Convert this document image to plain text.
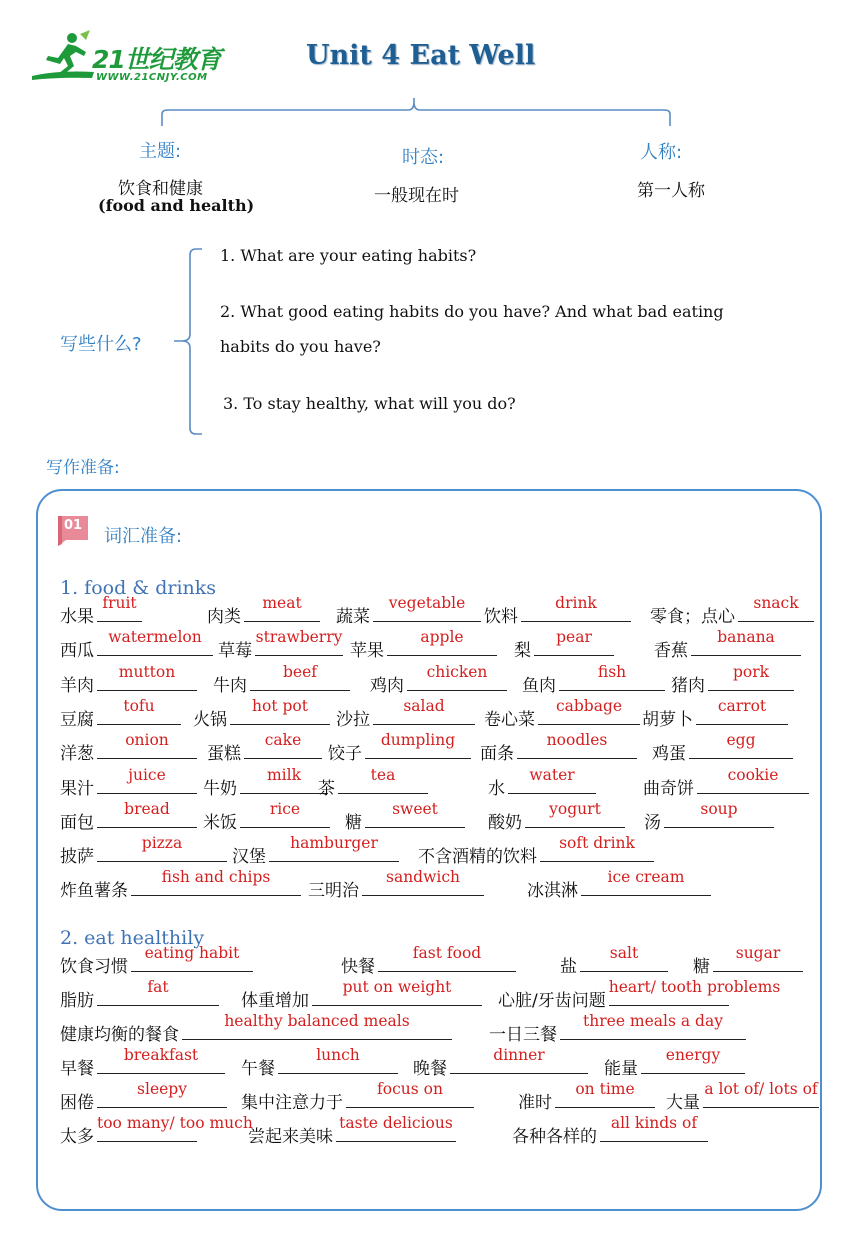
21世纪教育
WWW.21CNJY.COM
Unit 4 Eat Well
主题:
饮食和健康
(food and health)
时态:
一般现在时
人称:
第一人称
写些什么?
1. What are your eating habits?
2. What good eating habits do you have? And what bad eating
habits do you have?
3. To stay healthy, what will you do?
写作准备:
01
词汇准备:
1. food & drinks
2. eat healthily
水果
fruit
肉类
meat
蔬菜
vegetable
饮料
drink
零食；点心
snack
西瓜
watermelon
草莓
strawberry
苹果
apple
梨
pear
香蕉
banana
羊肉
mutton
牛肉
beef
鸡肉
chicken
鱼肉
fish
猪肉
pork
豆腐
tofu
火锅
hot pot
沙拉
salad
卷心菜
cabbage
胡萝卜
carrot
洋葱
onion
蛋糕
cake
饺子
dumpling
面条
noodles
鸡蛋
egg
果汁
juice
牛奶
milk
茶
tea
水
water
曲奇饼
cookie
面包
bread
米饭
rice
糖
sweet
酸奶
yogurt
汤
soup
披萨
pizza
汉堡
hamburger
不含酒精的饮料
soft drink
炸鱼薯条
fish and chips
三明治
sandwich
冰淇淋
ice cream
饮食习惯
eating habit
快餐
fast food
盐
salt
糖
sugar
脂肪
fat
体重增加
put on weight
心脏/牙齿问题
heart/ tooth problems
健康均衡的餐食
healthy balanced meals
一日三餐
three meals a day
早餐
breakfast
午餐
lunch
晚餐
dinner
能量
energy
困倦
sleepy
集中注意力于
focus on
准时
on time
大量
a lot of/ lots of
太多
too many/ too much
尝起来美味
taste delicious
各种各样的
all kinds of
